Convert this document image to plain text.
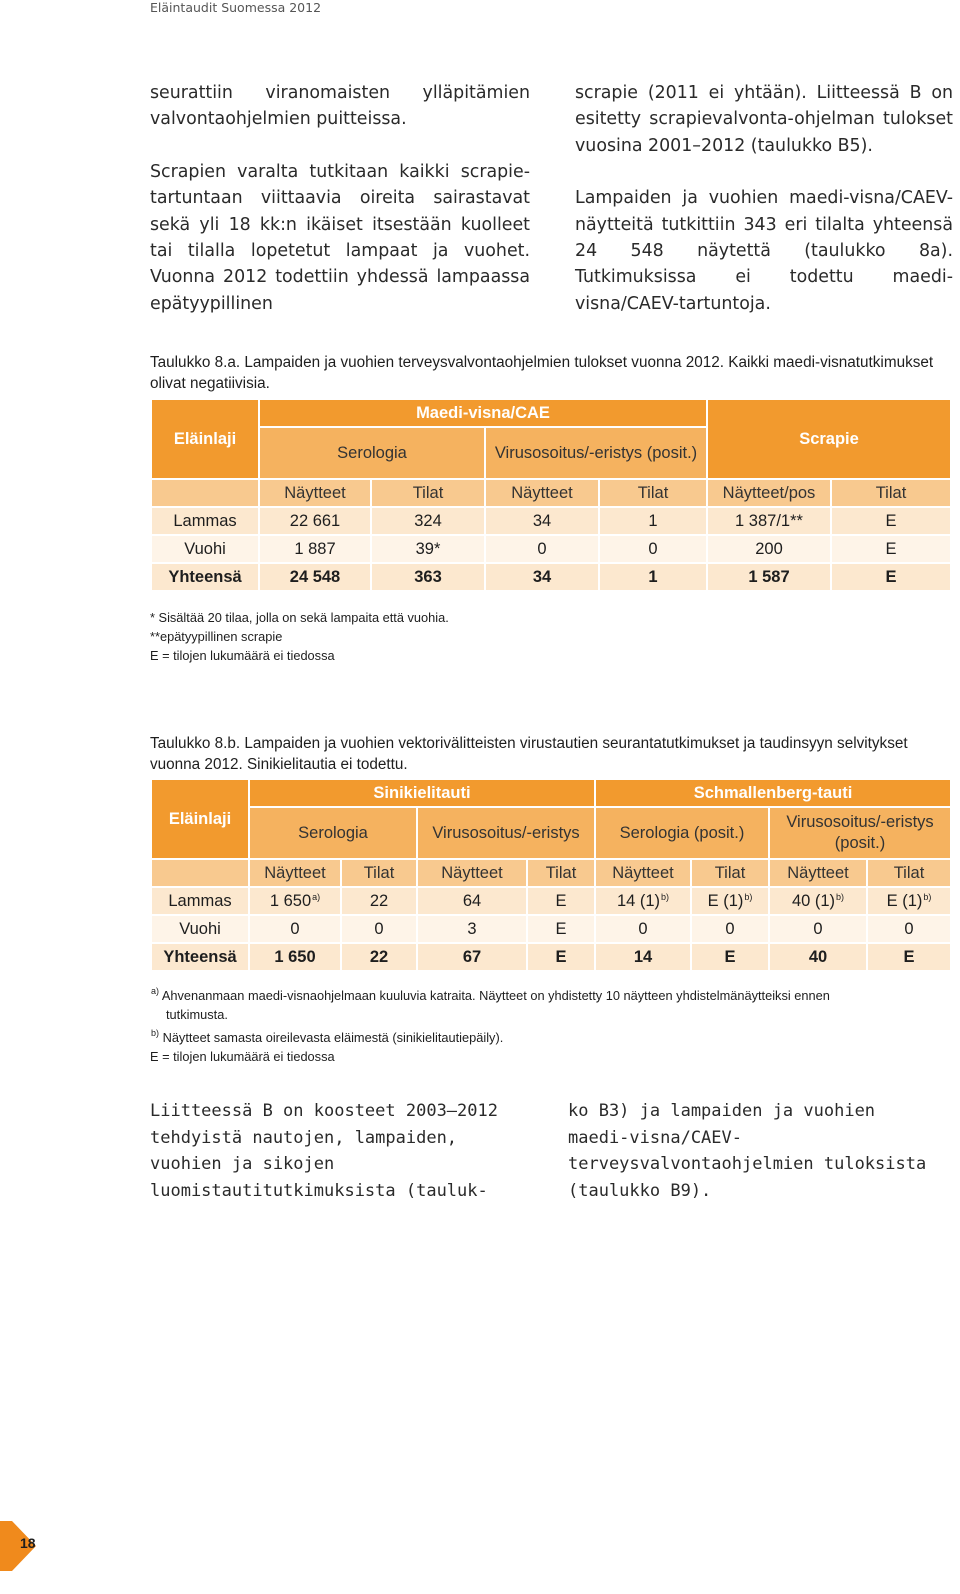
Eläintaudit Suomessa 2012

seurattiin viranomaisten ylläpitämien valvontaohjelmien puitteissa.

Scrapien varalta tutkitaan kaikki scrapie-tartuntaan viittaavia oireita sairastavat sekä yli 18 kk:n ikäiset itsestään kuolleet tai tilalla lopetetut lampaat ja vuohet. Vuonna 2012 todettiin yhdessä lampaassa epätyypillinen

scrapie (2011 ei yhtään). Liitteessä B on esitetty scrapievalvonta-ohjelman tulokset vuosina 2001–2012 (taulukko B5).

Lampaiden ja vuohien maedi-visna/CAEV-näytteitä tutkittiin 343 eri tilalta yhteensä 24 548 näytettä (taulukko 8a). Tutkimuksissa ei todettu maedi-visna/CAEV-tartuntoja.

Taulukko 8.a. Lampaiden ja vuohien terveysvalvontaohjelmien tulokset vuonna 2012. Kaikki maedi-visnatutkimukset olivat negatiivisia.

Eläinlaji	Maedi-visna/CAE				Scrapie	
	Serologia		Virusosoitus/-eristys (posit.)			
	Näytteet	Tilat	Näytteet	Tilat	Näytteet/pos	Tilat
Lammas	22 661	324	34	1	1 387/1**	E
Vuohi	1 887	39*	0	0	200	E
Yhteensä	24 548	363	34	1	1 587	E

* Sisältää 20 tilaa, jolla on sekä lampaita että vuohia.

**epätyypillinen scrapie

E = tilojen lukumäärä ei tiedossa

Taulukko 8.b. Lampaiden ja vuohien vektorivälitteisten virustautien seurantatutkimukset ja taudinsyyn selvitykset vuonna 2012. Sinikielitautia ei todettu.

Eläinlaji	Sinikielitauti				Schmallenberg-tauti			
	Serologia		Virusosoitus/-eristys		Serologia (posit.)		Virusosoitus/-eristys (posit.)	
	Näytteet	Tilat	Näytteet	Tilat	Näytteet	Tilat	Näytteet	Tilat
Lammas	1 650$^{a)}$	22	64	E	14 $(1)^{b)}$	E $(1)^{b)}$	40 $(1)^{b)}$	E $(1)^{b)}$
Vuohi	0	0	3	E	0	0	0	0
Yhteensä	1 650	22	67	E	14	E	40	E

$^{a)}$ Ahvenanmaan maedi-visnaohjelmaan kuuluvia katraita. Näytteet on yhdistetty 10 näytteen yhdistelmänäytteiksi ennen

tutkimusta.

$^{b)}$ Näytteet samasta oireilevasta eläimestä (sinikielitautiepäily).

E = tilojen lukumäärä ei tiedossa

Liitteessä B on koosteet 2003–2012 tehdyistä nautojen, lampaiden, vuohien ja sikojen luomistautitutkimuksista (tauluk-

ko B3) ja lampaiden ja vuohien maedi-visna/CAEV-terveysvalvontaohjelmien tuloksista (taulukko B9).

18
